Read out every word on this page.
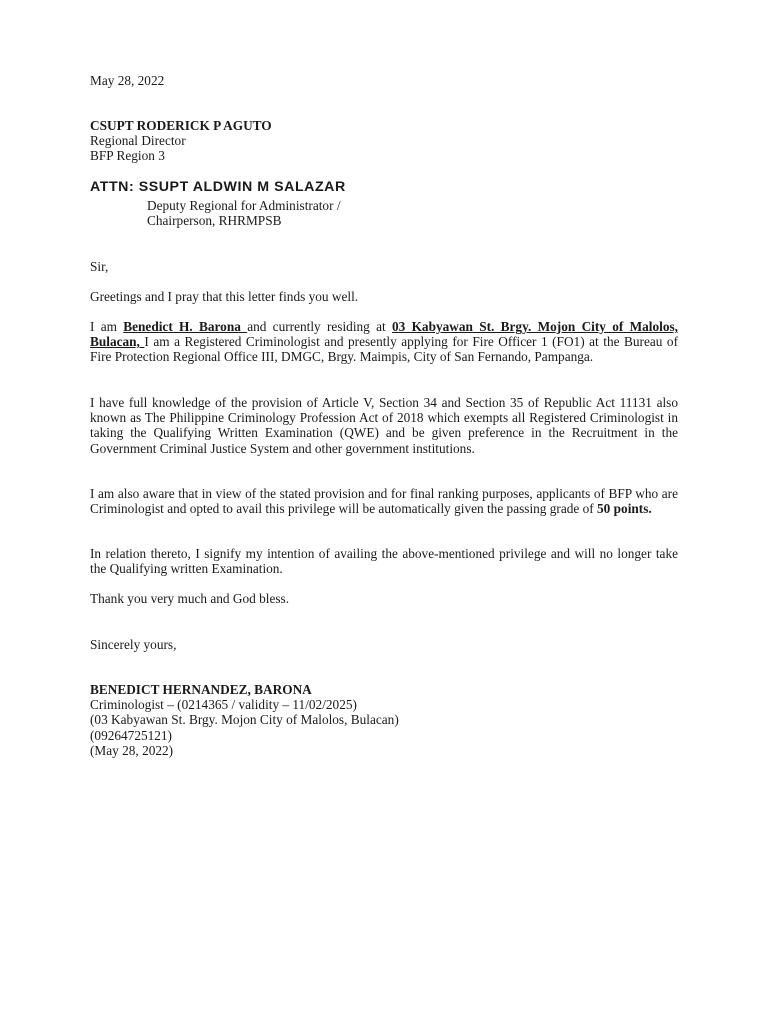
May 28, 2022
CSUPT RODERICK P AGUTO
Regional Director
BFP Region 3
ATTN: SSUPT ALDWIN M SALAZAR
Deputy Regional for Administrator /
Chairperson, RHRMPSB
Sir,
Greetings and I pray that this letter finds you well.

I am Benedict H. Barona and currently residing at 03 Kabyawan St. Brgy. Mojon City of Malolos, Bulacan, I am a Registered Criminologist and presently applying for Fire Officer 1 (FO1) at the Bureau of Fire Protection Regional Office III, DMGC, Brgy. Maimpis, City of San Fernando, Pampanga.

I have full knowledge of the provision of Article V, Section 34 and Section 35 of Republic Act 11131 also known as The Philippine Criminology Profession Act of 2018 which exempts all Registered Criminologist in taking the Qualifying Written Examination (QWE) and be given preference in the Recruitment in the Government Criminal Justice System and other government institutions.

I am also aware that in view of the stated provision and for final ranking purposes, applicants of BFP who are Criminologist and opted to avail this privilege will be automatically given the passing grade of 50 points.

In relation thereto, I signify my intention of availing the above-mentioned privilege and will no longer take the Qualifying written Examination.

Thank you very much and God bless.
Sincerely yours,
BENEDICT HERNANDEZ, BARONA
Criminologist – (0214365 / validity – 11/02/2025)
(03 Kabyawan St. Brgy. Mojon City of Malolos, Bulacan)
(09264725121)
(May 28, 2022)
